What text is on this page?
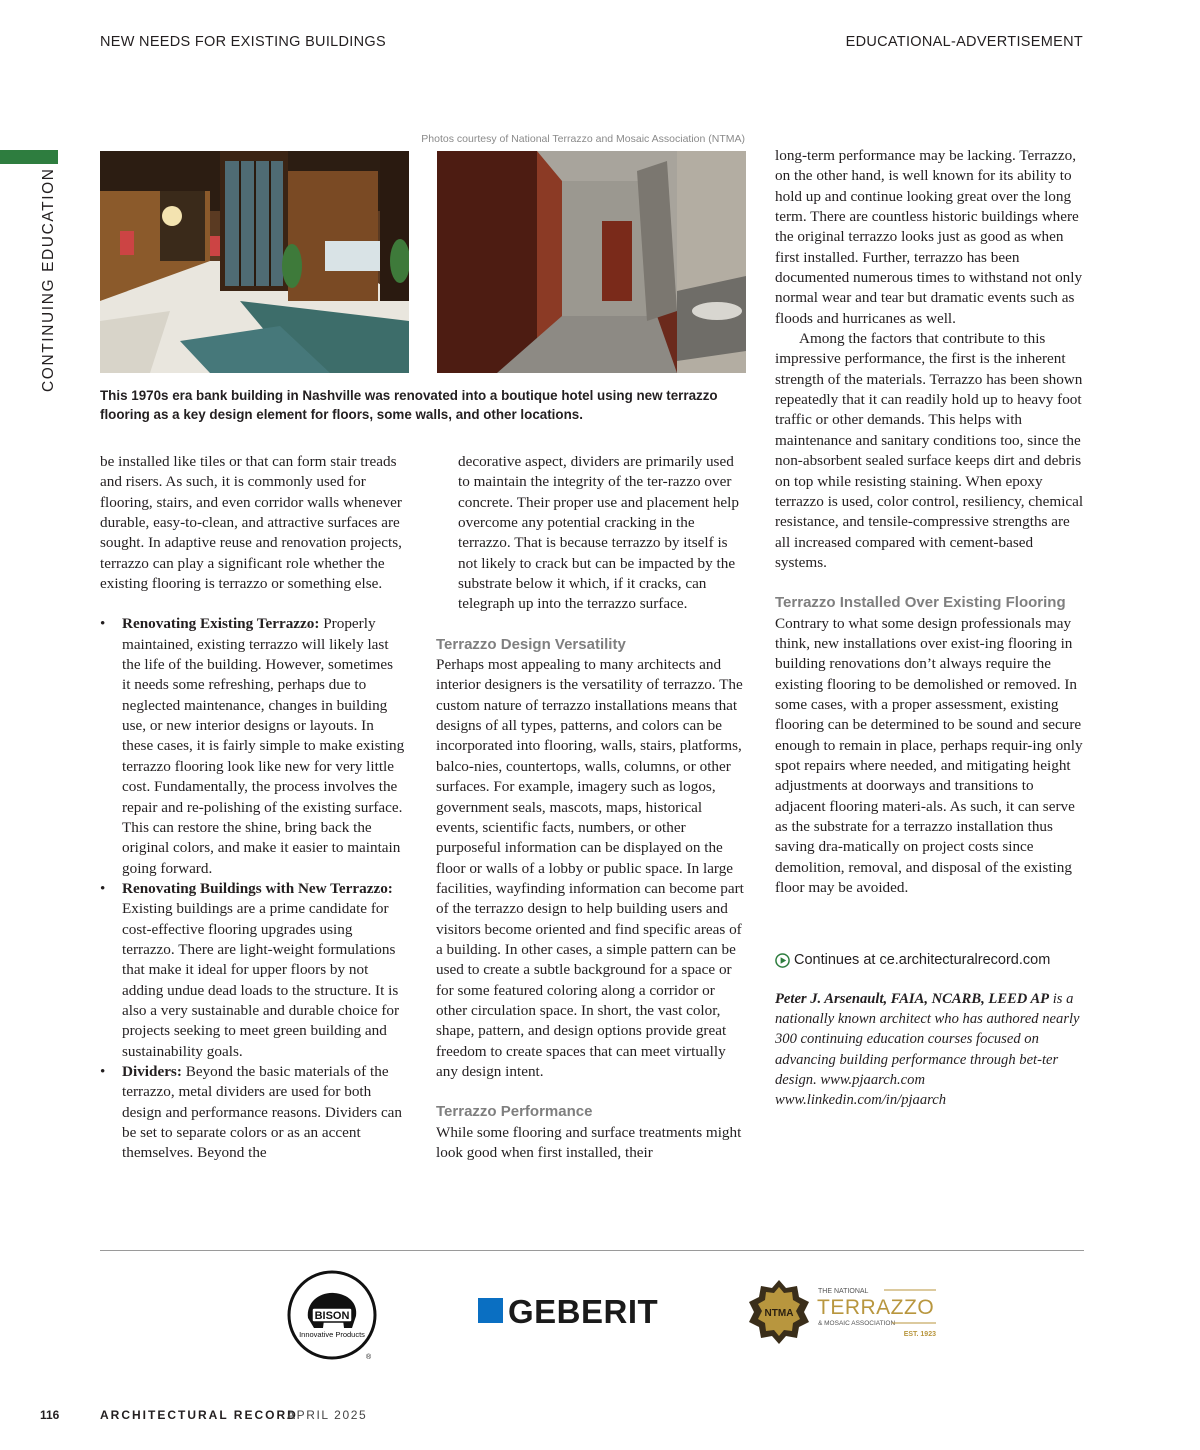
NEW NEEDS FOR EXISTING BUILDINGS	EDUCATIONAL-ADVERTISEMENT
CONTINUING EDUCATION
Photos courtesy of National Terrazzo and Mosaic Association (NTMA)
This 1970s era bank building in Nashville was renovated into a boutique hotel using new terrazzo flooring as a key design element for floors, some walls, and other locations.

be installed like tiles or that can form stair treads and risers. As such, it is commonly used for flooring, stairs, and even corridor walls whenever durable, easy-to-clean, and attractive surfaces are sought. In adaptive reuse and renovation projects, terrazzo can play a significant role whether the existing flooring is terrazzo or something else.

• Renovating Existing Terrazzo: Properly maintained, existing terrazzo will likely last the life of the building. However, sometimes it needs some refreshing, perhaps due to neglected maintenance, changes in building use, or new interior designs or layouts. In these cases, it is fairly simple to make existing terrazzo flooring look like new for very little cost. Fundamentally, the process involves the repair and re-polishing of the existing surface. This can restore the shine, bring back the original colors, and make it easier to maintain going forward.
• Renovating Buildings with New Terrazzo: Existing buildings are a prime candidate for cost-effective flooring upgrades using terrazzo. There are light-weight formulations that make it ideal for upper floors by not adding undue dead loads to the structure. It is also a very sustainable and durable choice for projects seeking to meet green building and sustainability goals.
• Dividers: Beyond the basic materials of the terrazzo, metal dividers are used for both design and performance reasons. Dividers can be set to separate colors or as an accent themselves. Beyond the

decorative aspect, dividers are primarily used to maintain the integrity of the ter-razzo over concrete. Their proper use and placement help overcome any potential cracking in the terrazzo. That is because terrazzo by itself is not likely to crack but can be impacted by the substrate below it which, if it cracks, can telegraph up into the terrazzo surface.

Terrazzo Design Versatility

Perhaps most appealing to many architects and interior designers is the versatility of terrazzo. The custom nature of terrazzo installations means that designs of all types, patterns, and colors can be incorporated into flooring, walls, stairs, platforms, balco-nies, countertops, walls, columns, or other surfaces. For example, imagery such as logos, government seals, mascots, maps, historical events, scientific facts, numbers, or other purposeful information can be displayed on the floor or walls of a lobby or public space. In large facilities, wayfinding information can become part of the terrazzo design to help building users and visitors become oriented and find specific areas of a building. In other cases, a simple pattern can be used to create a subtle background for a space or for some featured coloring along a corridor or other circulation space. In short, the vast color, shape, pattern, and design options provide great freedom to create spaces that can meet virtually any design intent.

Terrazzo Performance

While some flooring and surface treatments might look good when first installed, their

long-term performance may be lacking. Terrazzo, on the other hand, is well known for its ability to hold up and continue looking great over the long term. There are countless historic buildings where the original terrazzo looks just as good as when first installed. Further, terrazzo has been documented numerous times to withstand not only normal wear and tear but dramatic events such as floods and hurricanes as well.

Among the factors that contribute to this impressive performance, the first is the inherent strength of the materials. Terrazzo has been shown repeatedly that it can readily hold up to heavy foot traffic or other demands. This helps with maintenance and sanitary conditions too, since the non-absorbent sealed surface keeps dirt and debris on top while resisting staining. When epoxy terrazzo is used, color control, resiliency, chemical resistance, and tensile-compressive strengths are all increased compared with cement-based systems.

Terrazzo Installed Over Existing Flooring

Contrary to what some design professionals may think, new installations over exist-ing flooring in building renovations don’t always require the existing flooring to be demolished or removed. In some cases, with a proper assessment, existing flooring can be determined to be sound and secure enough to remain in place, perhaps requir-ing only spot repairs where needed, and mitigating height adjustments at doorways and transitions to adjacent flooring materi-als. As such, it can serve as the substrate for a terrazzo installation thus saving dra-matically on project costs since demolition, removal, and disposal of the existing floor may be avoided.

Continues at ce.architecturalrecord.com

Peter J. Arsenault, FAIA, NCARB, LEED AP is a nationally known architect who has authored nearly 300 continuing education courses focused on advancing building performance through bet-ter design. www.pjaarch.com www.linkedin.com/in/pjaarch

BISON
Innovative Products
®
GEBERIT	NTMA
THE NATIONAL
TERRAZZO
& MOSAIC ASSOCIATION
EST. 1923
116	ARCHITECTURAL RECORD
APRIL 2025
